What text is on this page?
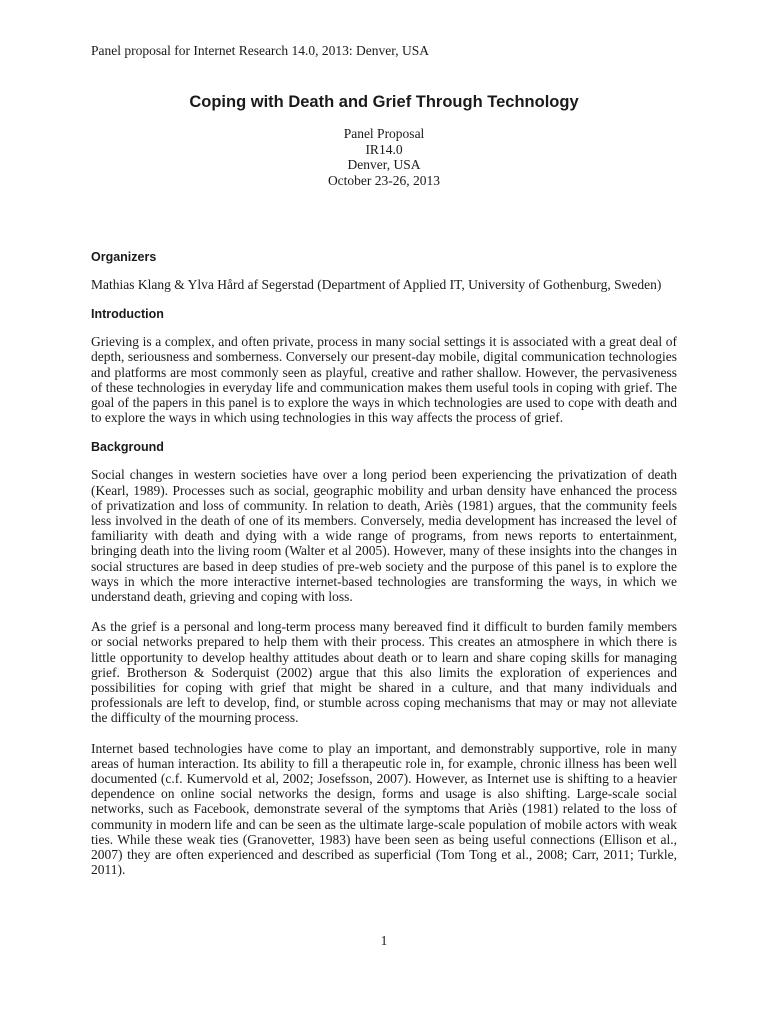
Panel proposal for Internet Research 14.0, 2013: Denver, USA
Coping with Death and Grief Through Technology
Panel Proposal
IR14.0
Denver, USA
October 23-26, 2013
Organizers

Mathias Klang & Ylva Hård af Segerstad (Department of Applied IT, University of Gothenburg, Sweden)

Introduction

Grieving is a complex, and often private, process in many social settings it is associated with a great deal of depth, seriousness and somberness. Conversely our present-day mobile, digital communication technologies and platforms are most commonly seen as playful, creative and rather shallow. However, the pervasiveness of these technologies in everyday life and communication makes them useful tools in coping with grief. The goal of the papers in this panel is to explore the ways in which technologies are used to cope with death and to explore the ways in which using technologies in this way affects the process of grief.

Background

Social changes in western societies have over a long period been experiencing the privatization of death (Kearl, 1989). Processes such as social, geographic mobility and urban density have enhanced the process of privatization and loss of community. In relation to death, Ariès (1981) argues, that the community feels less involved in the death of one of its members. Conversely, media development has increased the level of familiarity with death and dying with a wide range of programs, from news reports to entertainment, bringing death into the living room (Walter et al 2005). However, many of these insights into the changes in social structures are based in deep studies of pre-web society and the purpose of this panel is to explore the ways in which the more interactive internet-based technologies are transforming the ways, in which we understand death, grieving and coping with loss.

As the grief is a personal and long-term process many bereaved find it difficult to burden family members or social networks prepared to help them with their process. This creates an atmosphere in which there is little opportunity to develop healthy attitudes about death or to learn and share coping skills for managing grief. Brotherson & Soderquist (2002) argue that this also limits the exploration of experiences and possibilities for coping with grief that might be shared in a culture, and that many individuals and professionals are left to develop, find, or stumble across coping mechanisms that may or may not alleviate the difficulty of the mourning process.

Internet based technologies have come to play an important, and demonstrably supportive, role in many areas of human interaction. Its ability to fill a therapeutic role in, for example, chronic illness has been well documented (c.f. Kumervold et al, 2002; Josefsson, 2007). However, as Internet use is shifting to a heavier dependence on online social networks the design, forms and usage is also shifting. Large-scale social networks, such as Facebook, demonstrate several of the symptoms that Ariès (1981) related to the loss of community in modern life and can be seen as the ultimate large-scale population of mobile actors with weak ties. While these weak ties (Granovetter, 1983) have been seen as being useful connections (Ellison et al., 2007) they are often experienced and described as superficial (Tom Tong et al., 2008; Carr, 2011; Turkle, 2011).

1
